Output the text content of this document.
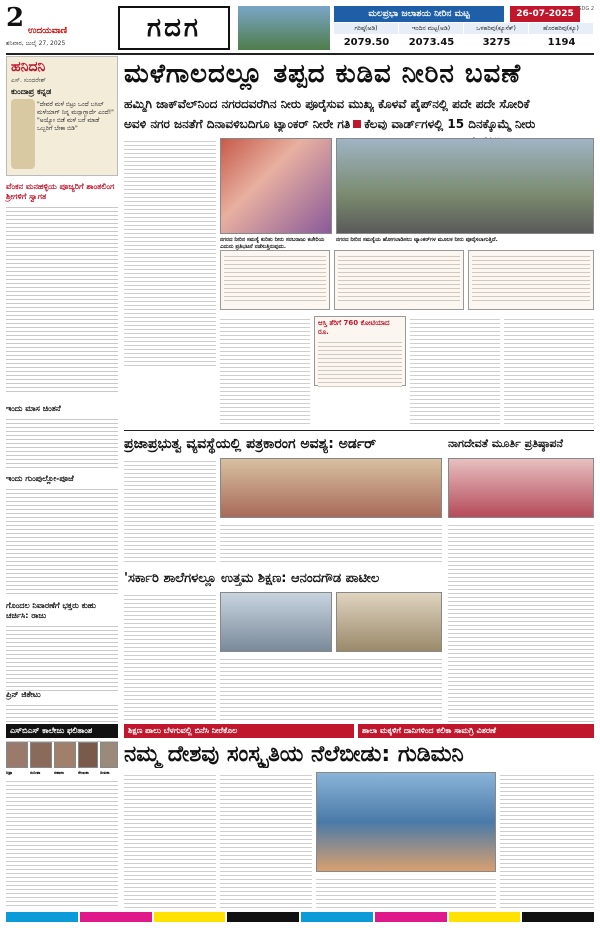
2 ಉದಯವಾಣಿ
ಶನಿವಾರ, ಜುಲೈ 27, 2025
ಗದಗ	ಮಲಪ್ರಭಾ ಜಲಾಶಯ ನೀರಿನ ಮಟ್ಟ	26-07-2025 GDG 2
ಗರಿಷ್ಠ(ಅಡಿ)	ಇಂದಿನ ಮಟ್ಟ(ಅಡಿ)	ಒಳಹರಿವು(ಕ್ಯೂಸೆಕ್)	ಹೊರಹರಿವು(ಕ್ಯೂ)
2079.50	2073.45	3275	1194
ಹನಿದನಿ
ಎಸ್. ಸುಂದರೇಶ್
ಕುಂದಾಪ್ರ ಕನ್ನಡ
"ದೇವರೆ ಮಳೆ ಬಿಟ್ರು ಒಂದೆ ಬಸಿಲ್ ಮಳೆಯಾಗ್ ನಿನ್ನ ಮನ್ಸಾಗ್ಬಾರ್ದೆ ಎಂದೆ!" "ಅಯ್ಯೋ ಬಿಡೆ ಮಳೆ ಬರೆ ಮಾಡೆ ಒಬ್ಬರಿಗೆ ಬೇಕಾ ಬಿಡಿ"
ವೆಂಕನ ಮನಹಳ್ಳಿಯ ಪೂಜ್ಯರಿಗೆ ಶಾಂತಲಿಂಗ ಶ್ರೀಗಳಿಗೆ ಸ್ವಾಗತ
ಇಂದು ಮಾಸ ಚಿಂತನೆ
ಇಂದು ಗುಂಪುಲ್ಲೋ-ಪೂಜೆ
ಗೊಂದಲ ನಿವಾರಣೆಗೆ ಭಕ್ತರು ಕುಹು ಚರ್ಚಿಸಿ: ರಾಜು
ಪ್ರಿನ್ ಜಿಕೇಟು
ಮಳೆಗಾಲದಲ್ಲೂ ತಪ್ಪದ ಕುಡಿವ ನೀರಿನ ಬವಣೆ
ಹಮ್ಮಿಗಿ ಜಾಕ್‌ವೆಲ್‌ನಿಂದ ನಗರದವರೆಗಿನ ನೀರು ಪೂರೈಸುವ ಮುಖ್ಯ ಕೊಳವೆ ಪೈಪ್‌ನಲ್ಲಿ ಪದೇ ಪದೇ ಸೋರಿಕೆ
ಅವಳಿ ನಗರ ಜನತೆಗೆ ದಿನಾವಳಿಬದಿಗೂ ಟ್ಯಾಂಕರ್ ನೀರೇ ಗತಿ ಕೆಲವು ವಾರ್ಡ್‌ಗಳಲ್ಲಿ 15 ದಿನಕ್ಕೊಮ್ಮೆ ನೀರು
ನಗರದ ನೀರಿನ ಸಮಸ್ಯೆ ಕುರಿತು ನೀರು ಸರಬರಾಜು ಕಚೇರಿಯ ಎದುರು ಪ್ರತಿಭಟನೆ ನಡೆಸುತ್ತಿರುವುದು.
ನಗರದ ನೀರಿನ ಸಮಸ್ಯೆಯ ಹೋಗಲಾಡಿಸಲು ಟ್ಯಾಂಕರ್‌ಗಳ ಮೂಲಕ ನೀರು ಪೂರೈಸಲಾಗುತ್ತಿದೆ.
ಆಸ್ತಿ ತೆರಿಗೆ 760 ಕೋಟಿಯಾದ ರೂ.
ಪ್ರಜಾಪ್ರಭುತ್ವ ವ್ಯವಸ್ಥೆಯಲ್ಲಿ ಪತ್ರಕಾರಂಗ ಅವಶ್ಯ: ಅರ್ಡರ್	ನಾಗದೇವತೆ ಮೂರ್ತಿ ಪ್ರತಿಷ್ಠಾಪನೆ
'ಸರ್ಕಾರಿ ಶಾಲೆಗಳಲ್ಲೂ ಉತ್ತಮ ಶಿಕ್ಷಣ: ಆನಂದಗೌಡ ಪಾಟೀಲ
ಎಸ್‌ಬಿಎಸ್ ಕಾಲೇಜು ಫಲಿತಾಂಶ	ಶಿಕ್ಷಣ ಪಾಲು ಬೆಳಗುವಲ್ಲಿ ಬಿನೆಸಿ ನೀರೆಕೊಲ	ಶಾಲಾ ಮಕ್ಕಳಿಗೆ ದಾನಿಗಳಿಂದ ಕಲಿಕಾ ಸಾಮಗ್ರಿ ವಿತರಣೆ
ಚಿತ್ರಾ	ಸುನೀತಾ	ಸಹಾನಾ	ರೇಣುಕಾ	ದೀಪಿಕಾ
ನಮ್ಮ ದೇಶವು ಸಂಸ್ಕೃತಿಯ ನೆಲೆಬೀಡು: ಗುಡಿಮನಿ
